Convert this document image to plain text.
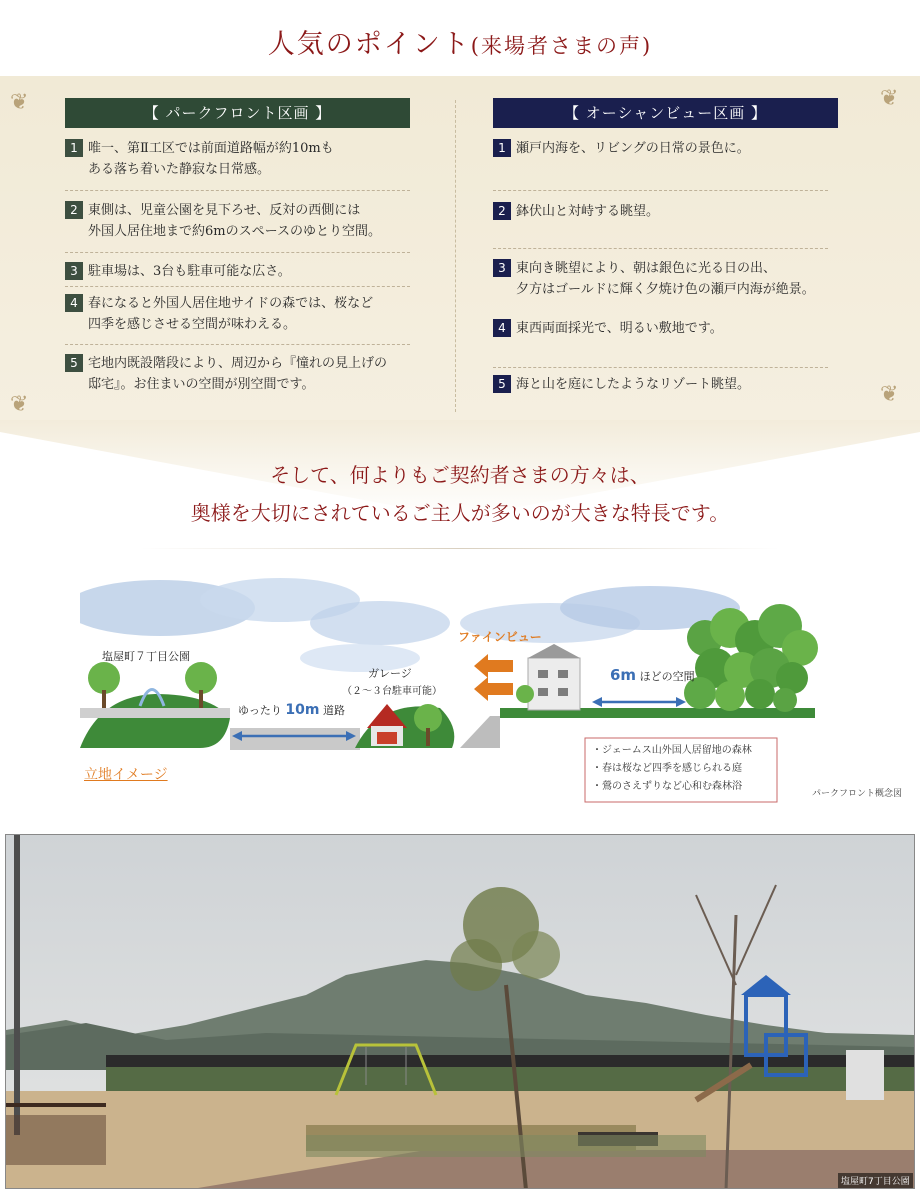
人気のポイント(来場者さまの声)
❦	❦
❦	❦
【 パークフロント区画 】
1 唯一、第Ⅱ工区では前面道路幅が約10mも
ある落ち着いた静寂な日常感。
2 東側は、児童公園を見下ろせ、反対の西側には
外国人居住地まで約6mのスペースのゆとり空間。
3 駐車場は、3台も駐車可能な広さ。
4 春になると外国人居住地サイドの森では、桜など
四季を感じさせる空間が味わえる。
5 宅地内既設階段により、周辺から『憧れの見上げの
邸宅』。お住まいの空間が別空間です。
【 オーシャンビュー区画 】
1 瀬戸内海を、リビングの日常の景色に。
2 鉢伏山と対峙する眺望。
3 東向き眺望により、朝は銀色に光る日の出、
夕方はゴールドに輝く夕焼け色の瀬戸内海が絶景。
4 東西両面採光で、明るい敷地です。
5 海と山を庭にしたようなリゾート眺望。
そして、何よりもご契約者さまの方々は、
奥様を大切にされているご主人が多いのが大きな特長です。
塩屋町７丁目公園
ガレージ
（２～３台駐車可能）
ゆったり 10m 道路
ファインビュー
6m ほどの空間
・ジェームス山外国人居留地の森林
・春は桜など四季を感じられる庭
・鶯のさえずりなど心和む森林浴
立地イメージ
パークフロント概念図
塩屋町7丁目公園
